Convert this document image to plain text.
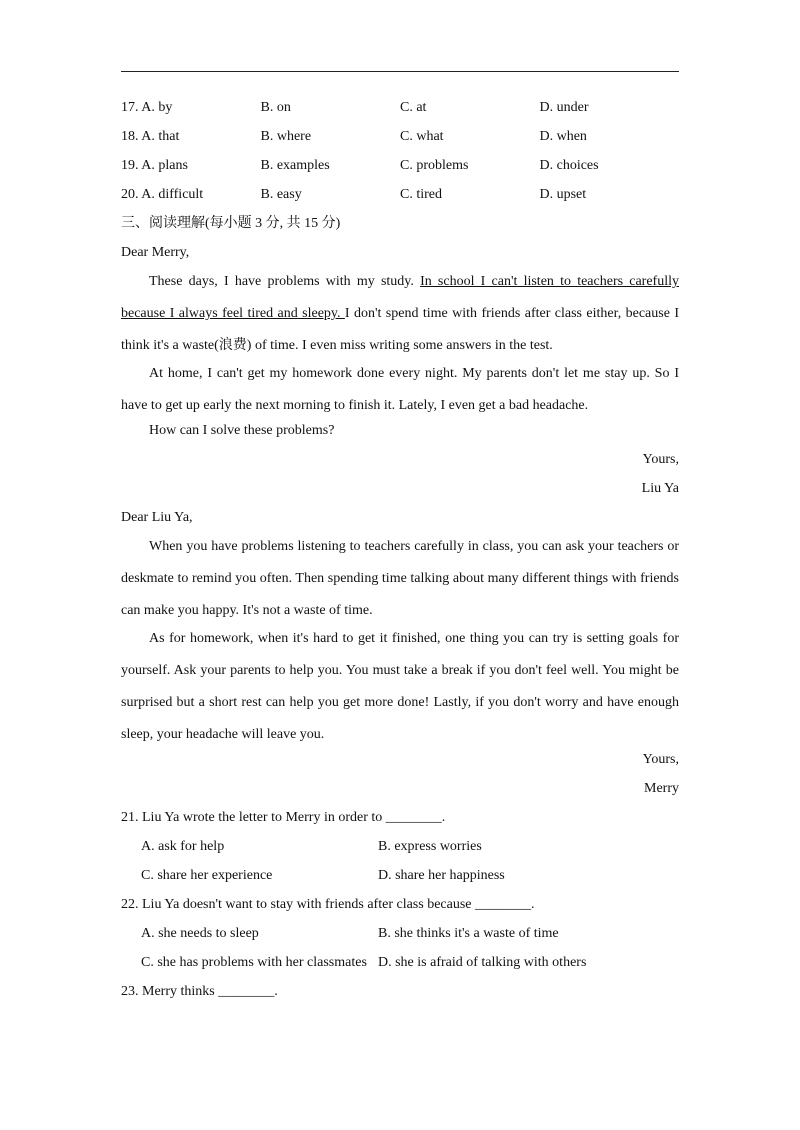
17. A. by	B. on	C. at	D. under
18. A. that	B. where	C. what	D. when
19. A. plans	B. examples	C. problems	D. choices
20. A. difficult	B. easy	C. tired	D. upset
三、阅读理解(每小题 3 分, 共 15 分)
Dear Merry,
These days, I have problems with my study. In school I can't listen to teachers carefully because I always feel tired and sleepy. I don't spend time with friends after class either, because I think it's a waste(浪费) of time. I even miss writing some answers in the test.
At home, I can't get my homework done every night. My parents don't let me stay up. So I have to get up early the next morning to finish it. Lately, I even get a bad headache.
How can I solve these problems?
Yours,
Liu Ya
Dear Liu Ya,
When you have problems listening to teachers carefully in class, you can ask your teachers or deskmate to remind you often. Then spending time talking about many different things with friends can make you happy. It's not a waste of time.
As for homework, when it's hard to get it finished, one thing you can try is setting goals for yourself. Ask your parents to help you. You must take a break if you don't feel well. You might be surprised but a short rest can help you get more done! Lastly, if you don't worry and have enough sleep, your headache will leave you.
Yours,
Merry
21. Liu Ya wrote the letter to Merry in order to ________.
A. ask for help	B. express worries
C. share her experience	D. share her happiness
22. Liu Ya doesn't want to stay with friends after class because ________.
A. she needs to sleep	B. she thinks it's a waste of time
C. she has problems with her classmates D. she is afraid of talking with others
23. Merry thinks ________.
